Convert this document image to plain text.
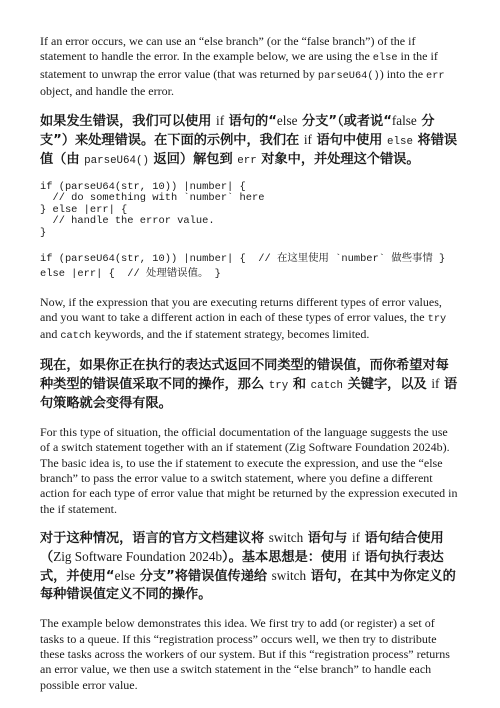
If an error occurs, we can use an “else branch” (or the “false branch”) of the if statement to handle the error. In the example below, we are using the else in the if statement to unwrap the error value (that was returned by parseU64()) into the err object, and handle the error.

如果发生错误，我们可以使用 if 语句的“else 分支”（或者说“false 分支”）来处理错误。在下面的示例中，我们在 if 语句中使用 else 将错误值（由 parseU64() 返回）解包到 err 对象中，并处理这个错误。

if (parseU64(str, 10)) |number| {
// do something with `number` here
} else |err| {
// handle the error value.
}
if (parseU64(str, 10)) |number| {  // 在这里使用 `number` 做些事情 }
else |err| {  // 处理错误值。 }

Now, if the expression that you are executing returns different types of error values, and you want to take a different action in each of these types of error values, the try and catch keywords, and the if statement strategy, becomes limited.

现在，如果你正在执行的表达式返回不同类型的错误值，而你希望对每种类型的错误值采取不同的操作，那么 try 和 catch 关键字，以及 if 语句策略就会变得有限。

For this type of situation, the official documentation of the language suggests the use of a switch statement together with an if statement (Zig Software Foundation 2024b). The basic idea is, to use the if statement to execute the expression, and use the “else branch” to pass the error value to a switch statement, where you define a different action for each type of error value that might be returned by the expression executed in the if statement.

对于这种情况，语言的官方文档建议将 switch 语句与 if 语句结合使用（Zig Software Foundation 2024b）。基本思想是：使用 if 语句执行表达式，并使用“else 分支”将错误值传递给 switch 语句，在其中为你定义的每种错误值定义不同的操作。

The example below demonstrates this idea. We first try to add (or register) a set of tasks to a queue. If this “registration process” occurs well, we then try to distribute these tasks across the workers of our system. But if this “registration process” returns an error value, we then use a switch statement in the “else branch” to handle each possible error value.
